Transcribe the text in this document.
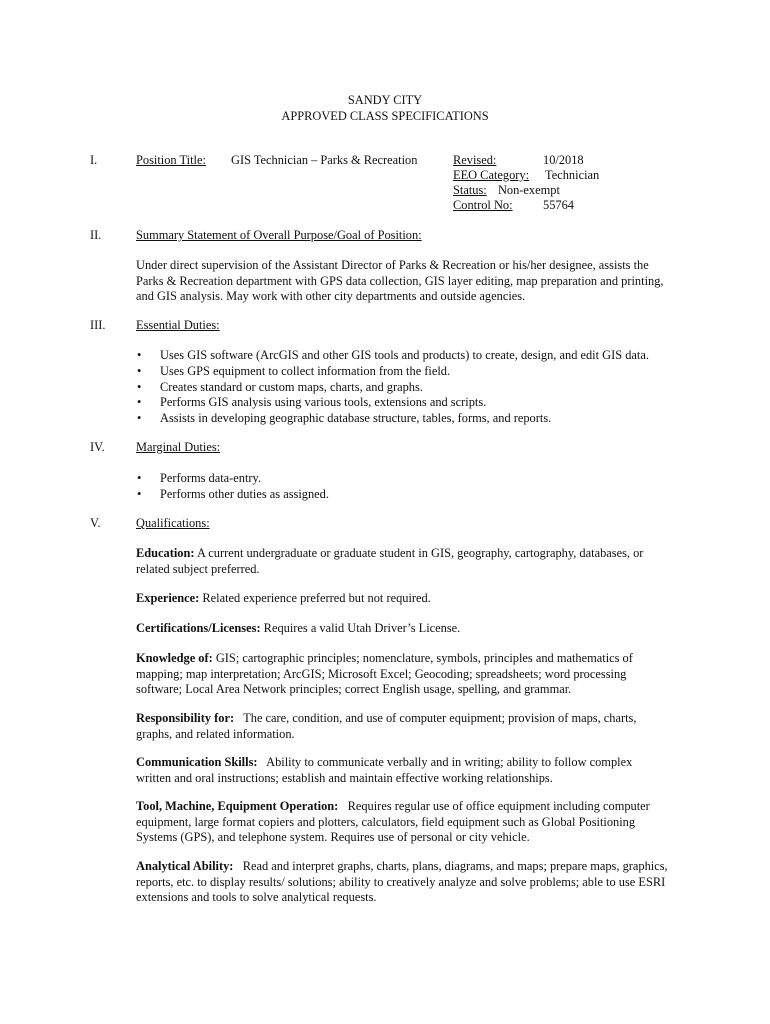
SANDY CITY
APPROVED CLASS SPECIFICATIONS
I.	Position Title: GIS Technician – Parks & Recreation	Revised:	10/2018
EEO Category: Technician
Status: Non-exempt
Control No: 55764
II.	Summary Statement of Overall Purpose/Goal of Position:
Under direct supervision of the Assistant Director of Parks & Recreation or his/her designee, assists the
Parks & Recreation department with GPS data collection, GIS layer editing, map preparation and printing,
and GIS analysis. May work with other city departments and outside agencies.
III. Essential Duties:
• Uses GIS software (ArcGIS and other GIS tools and products) to create, design, and edit GIS data.
• Uses GPS equipment to collect information from the field.
• Creates standard or custom maps, charts, and graphs.
• Performs GIS analysis using various tools, extensions and scripts.
• Assists in developing geographic database structure, tables, forms, and reports.
IV.	Marginal Duties:
• Performs data-entry.
• Performs other duties as assigned.
V.	Qualifications:
Education: A current undergraduate or graduate student in GIS, geography, cartography, databases, or
related subject preferred.
Experience: Related experience preferred but not required.
Certifications/Licenses: Requires a valid Utah Driver’s License.
Knowledge of: GIS; cartographic principles; nomenclature, symbols, principles and mathematics of
mapping; map interpretation; ArcGIS; Microsoft Excel; Geocoding; spreadsheets; word processing
software; Local Area Network principles; correct English usage, spelling, and grammar.
Responsibility for:   The care, condition, and use of computer equipment; provision of maps, charts,
graphs, and related information.
Communication Skills:   Ability to communicate verbally and in writing; ability to follow complex
written and oral instructions; establish and maintain effective working relationships.
Tool, Machine, Equipment Operation:   Requires regular use of office equipment including computer
equipment, large format copiers and plotters, calculators, field equipment such as Global Positioning
Systems (GPS), and telephone system. Requires use of personal or city vehicle.
Analytical Ability:   Read and interpret graphs, charts, plans, diagrams, and maps; prepare maps, graphics,
reports, etc. to display results/ solutions; ability to creatively analyze and solve problems; able to use ESRI
extensions and tools to solve analytical requests.
